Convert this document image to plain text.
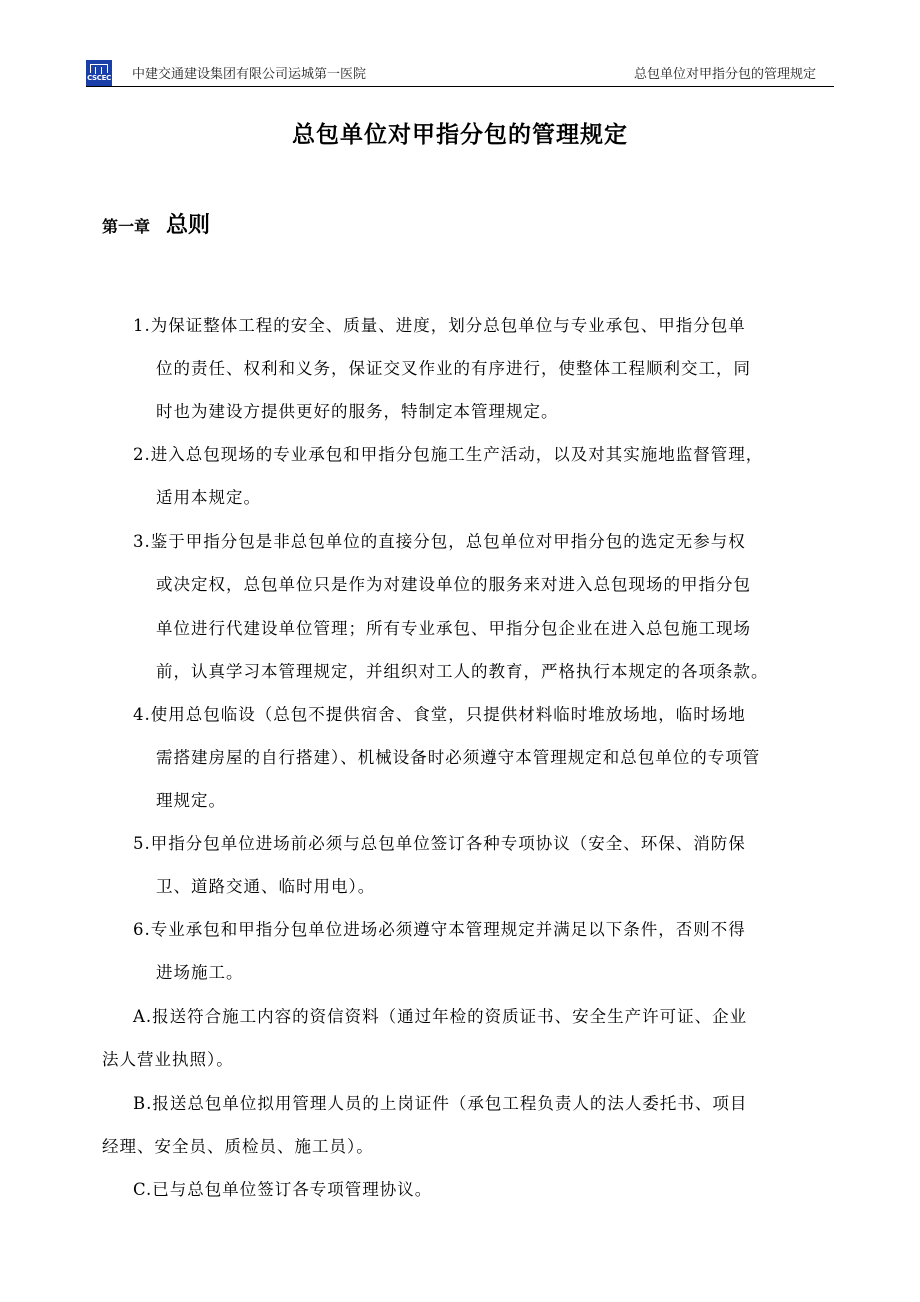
CSCEC 中建交通建设集团有限公司运城第一医院	总包单位对甲指分包的管理规定
总包单位对甲指分包的管理规定
第一章 总则
1.为保证整体工程的安全、质量、进度，划分总包单位与专业承包、甲指分包单
位的责任、权利和义务，保证交叉作业的有序进行，使整体工程顺利交工，同
时也为建设方提供更好的服务，特制定本管理规定。
2.进入总包现场的专业承包和甲指分包施工生产活动，以及对其实施地监督管理，
适用本规定。
3.鉴于甲指分包是非总包单位的直接分包，总包单位对甲指分包的选定无参与权
或决定权，总包单位只是作为对建设单位的服务来对进入总包现场的甲指分包
单位进行代建设单位管理；所有专业承包、甲指分包企业在进入总包施工现场
前，认真学习本管理规定，并组织对工人的教育，严格执行本规定的各项条款。
4.使用总包临设（总包不提供宿舍、食堂，只提供材料临时堆放场地，临时场地
需搭建房屋的自行搭建）、机械设备时必须遵守本管理规定和总包单位的专项管
理规定。
5.甲指分包单位进场前必须与总包单位签订各种专项协议（安全、环保、消防保
卫、道路交通、临时用电）。
6.专业承包和甲指分包单位进场必须遵守本管理规定并满足以下条件，否则不得
进场施工。
A.报送符合施工内容的资信资料（通过年检的资质证书、安全生产许可证、企业
法人营业执照）。
B.报送总包单位拟用管理人员的上岗证件（承包工程负责人的法人委托书、项目
经理、安全员、质检员、施工员）。
C.已与总包单位签订各专项管理协议。
